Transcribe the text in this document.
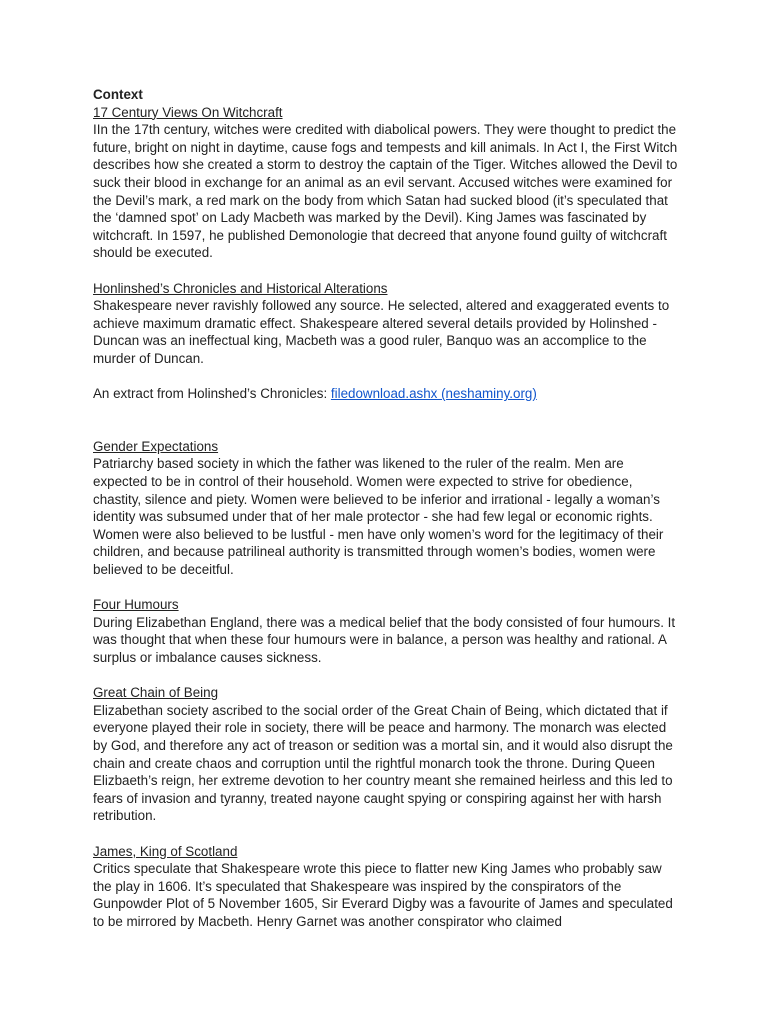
Context

17 Century Views On Witchcraft

IIn the 17th century, witches were credited with diabolical powers. They were thought to predict the future, bright on night in daytime, cause fogs and tempests and kill animals. In Act I, the First Witch describes how she created a storm to destroy the captain of the Tiger. Witches allowed the Devil to suck their blood in exchange for an animal as an evil servant. Accused witches were examined for the Devil’s mark, a red mark on the body from which Satan had sucked blood (it’s speculated that the ‘damned spot’ on Lady Macbeth was marked by the Devil). King James was fascinated by witchcraft. In 1597, he published Demonologie that decreed that anyone found guilty of witchcraft should be executed.

Honlinshed’s Chronicles and Historical Alterations

Shakespeare never ravishly followed any source. He selected, altered and exaggerated events to achieve maximum dramatic effect. Shakespeare altered several details provided by Holinshed - Duncan was an ineffectual king, Macbeth was a good ruler, Banquo was an accomplice to the murder of Duncan.

An extract from Holinshed’s Chronicles: filedownload.ashx (neshaminy.org)

Gender Expectations

Patriarchy based society in which the father was likened to the ruler of the realm. Men are expected to be in control of their household. Women were expected to strive for obedience, chastity, silence and piety. Women were believed to be inferior and irrational - legally a woman’s identity was subsumed under that of her male protector - she had few legal or economic rights. Women were also believed to be lustful - men have only women’s word for the legitimacy of their children, and because patrilineal authority is transmitted through women’s bodies, women were believed to be deceitful.

Four Humours

During Elizabethan England, there was a medical belief that the body consisted of four humours. It was thought that when these four humours were in balance, a person was healthy and rational. A surplus or imbalance causes sickness.

Great Chain of Being

Elizabethan society ascribed to the social order of the Great Chain of Being, which dictated that if everyone played their role in society, there will be peace and harmony. The monarch was elected by God, and therefore any act of treason or sedition was a mortal sin, and it would also disrupt the chain and create chaos and corruption until the rightful monarch took the throne. During Queen Elizbaeth’s reign, her extreme devotion to her country meant she remained heirless and this led to fears of invasion and tyranny, treated nayone caught spying or conspiring against her with harsh retribution.

James, King of Scotland

Critics speculate that Shakespeare wrote this piece to flatter new King James who probably saw the play in 1606. It’s speculated that Shakespeare was inspired by the conspirators of the Gunpowder Plot of 5 November 1605, Sir Everard Digby was a favourite of James and speculated to be mirrored by Macbeth. Henry Garnet was another conspirator who claimed
